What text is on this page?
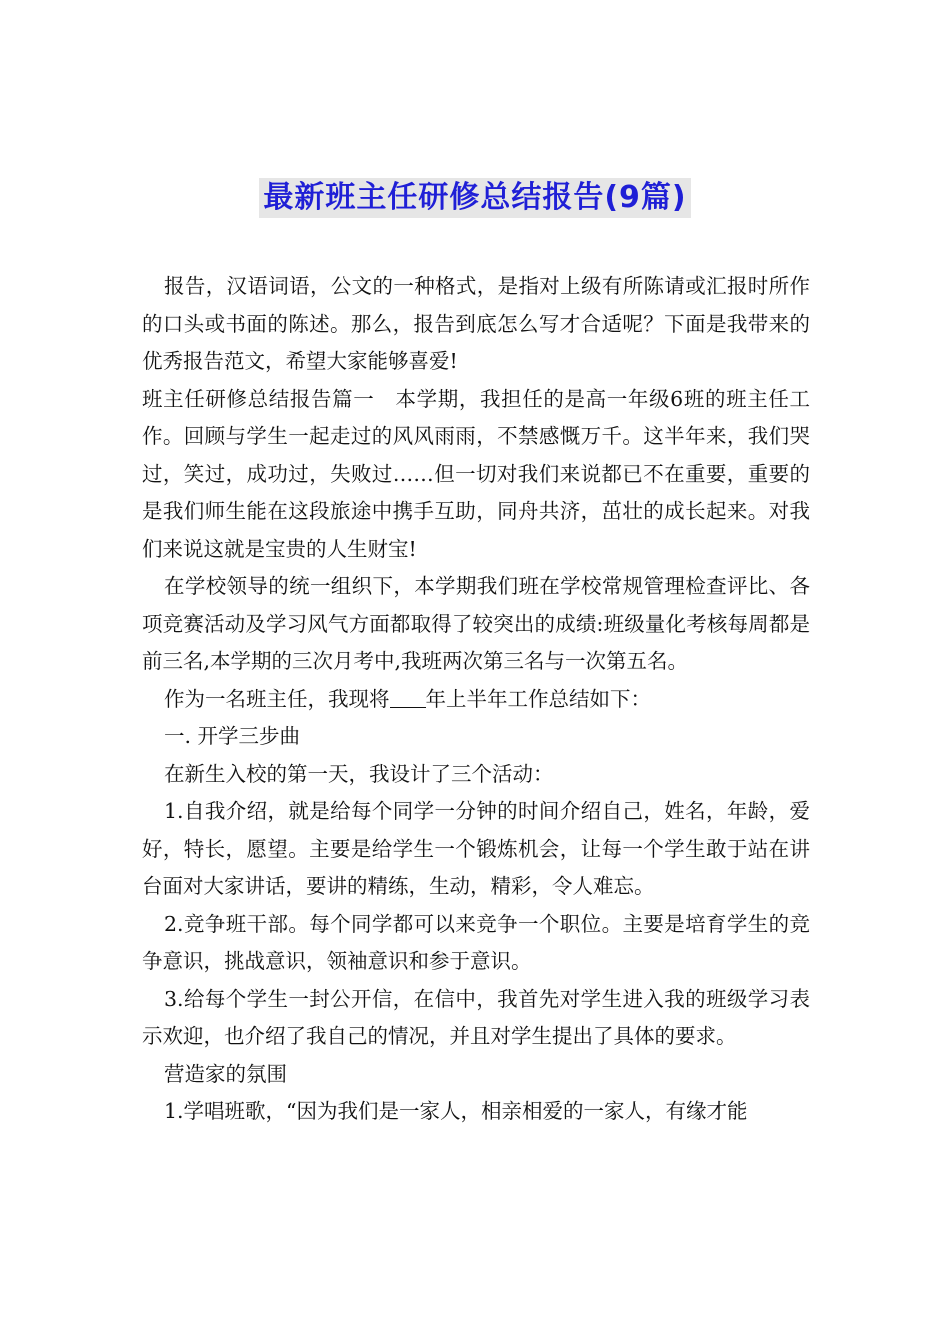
最新班主任研修总结报告(9篇)

报告，汉语词语，公文的一种格式，是指对上级有所陈请或汇报时所作的口头或书面的陈述。那么，报告到底怎么写才合适呢？下面是我带来的优秀报告范文，希望大家能够喜爱!

班主任研修总结报告篇一　本学期，我担任的是高一年级6班的班主任工作。回顾与学生一起走过的风风雨雨，不禁感慨万千。这半年来，我们哭过，笑过，成功过，失败过……但一切对我们来说都已不在重要，重要的是我们师生能在这段旅途中携手互助，同舟共济，茁壮的成长起来。对我们来说这就是宝贵的人生财宝!

在学校领导的统一组织下，本学期我们班在学校常规管理检查评比、各项竞赛活动及学习风气方面都取得了较突出的成绩:班级量化考核每周都是前三名,本学期的三次月考中,我班两次第三名与一次第五名。

作为一名班主任，我现将 年上半年工作总结如下：

一. 开学三步曲

在新生入校的第一天，我设计了三个活动：

1.自我介绍，就是给每个同学一分钟的时间介绍自己，姓名，年龄，爱好，特长，愿望。主要是给学生一个锻炼机会，让每一个学生敢于站在讲台面对大家讲话，要讲的精练，生动，精彩，令人难忘。

2.竞争班干部。每个同学都可以来竞争一个职位。主要是培育学生的竞争意识，挑战意识，领袖意识和参于意识。

3.给每个学生一封公开信，在信中，我首先对学生进入我的班级学习表示欢迎，也介绍了我自己的情况，并且对学生提出了具体的要求。

营造家的氛围

1.学唱班歌，“因为我们是一家人，相亲相爱的一家人，有缘才能
